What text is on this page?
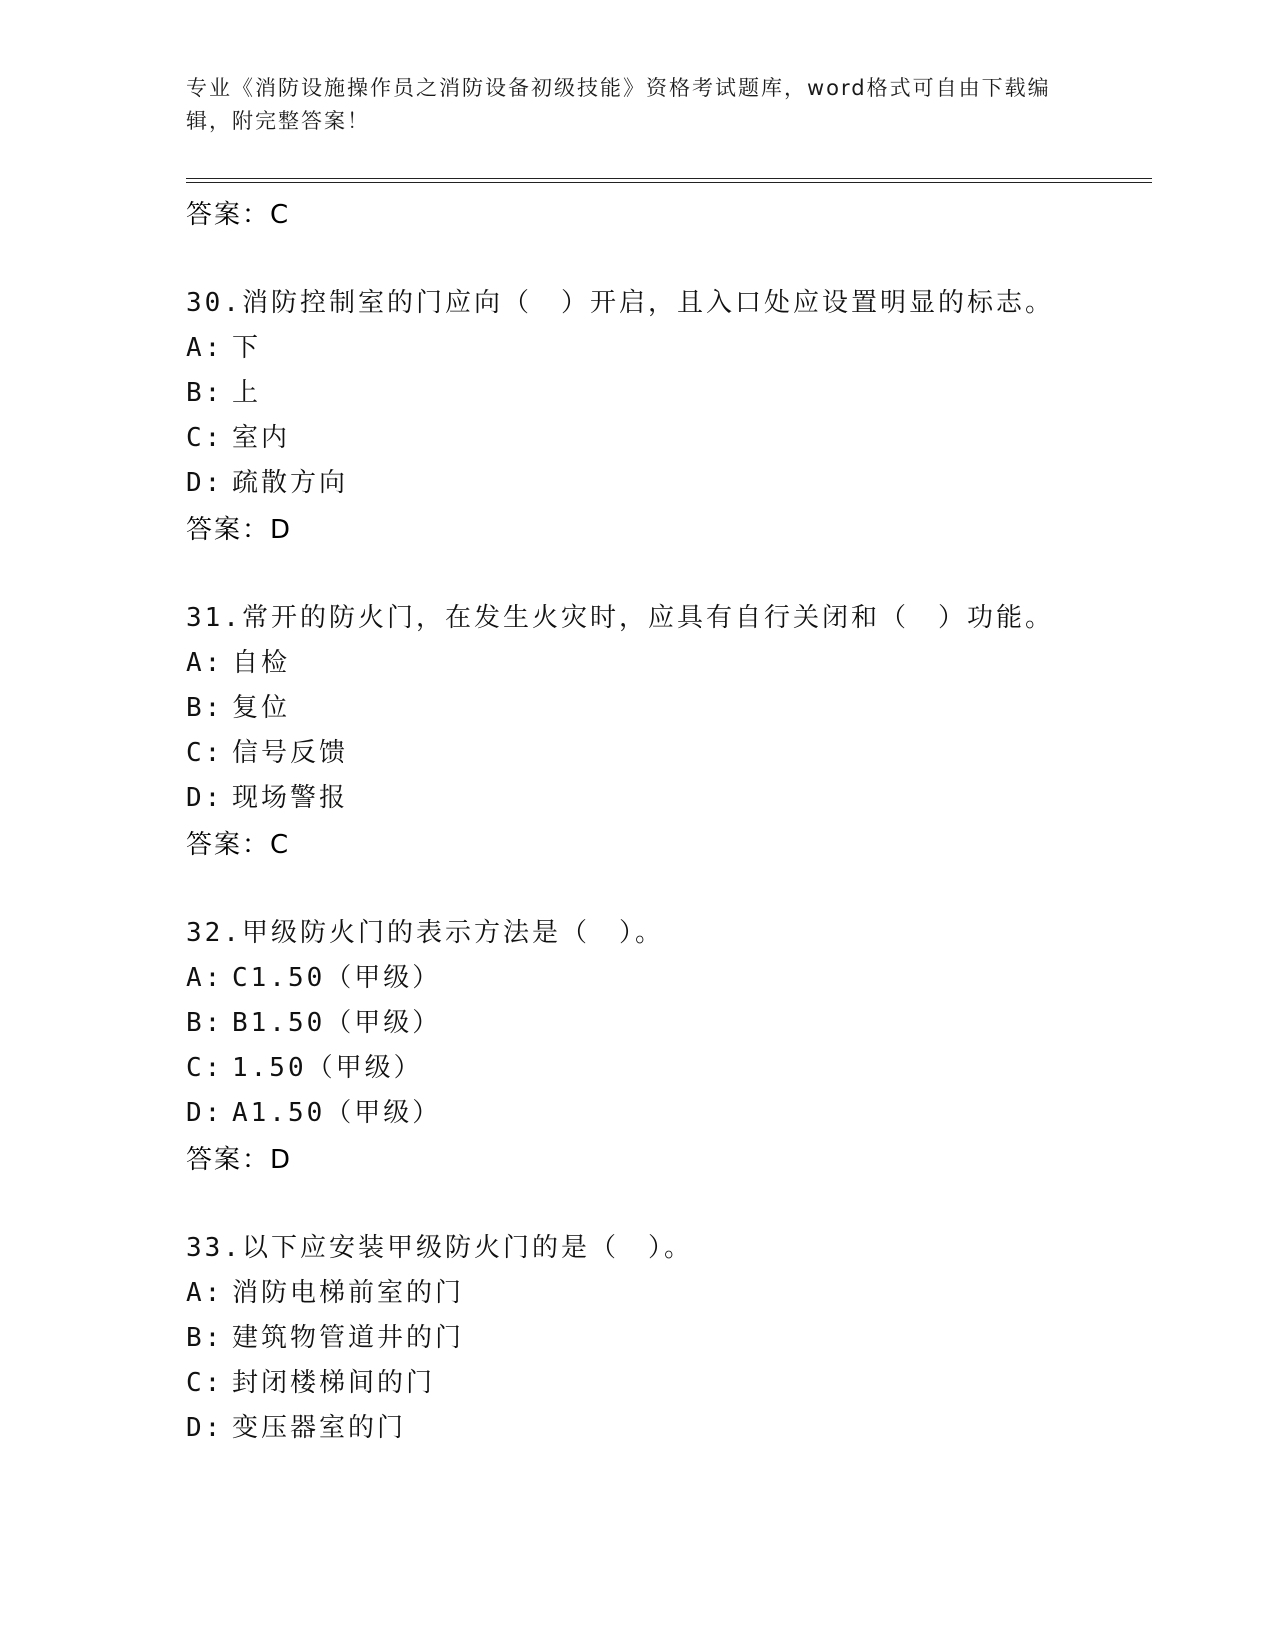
专业《消防设施操作员之消防设备初级技能》资格考试题库，word格式可自由下载编辑，附完整答案！
答案：C
30.消防控制室的门应向（　）开启，且入口处应设置明显的标志。
A: 下
B: 上
C: 室内
D: 疏散方向
答案：D
31.常开的防火门，在发生火灾时，应具有自行关闭和（　）功能。
A: 自检
B: 复位
C: 信号反馈
D: 现场警报
答案：C
32.甲级防火门的表示方法是（　）。
A: C1.50（甲级）
B: B1.50（甲级）
C: 1.50（甲级）
D: A1.50（甲级）
答案：D
33.以下应安装甲级防火门的是（　）。
A: 消防电梯前室的门
B: 建筑物管道井的门
C: 封闭楼梯间的门
D: 变压器室的门
